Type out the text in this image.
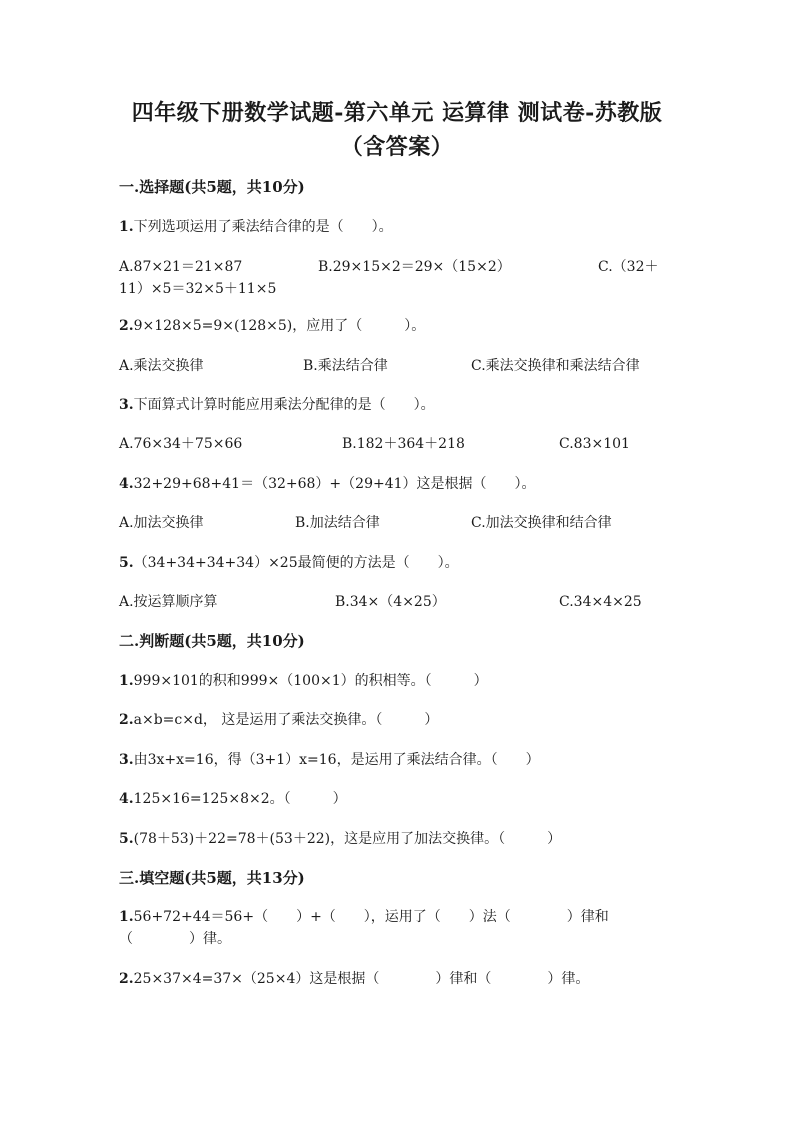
四年级下册数学试题-第六单元 运算律 测试卷-苏教版（含答案）
一.选择题(共5题，共10分)
1.下列选项运用了乘法结合律的是（　　）。
A.87×21＝21×87	B.29×15×2＝29×（15×2）	C.（32＋11）×5＝32×5＋11×5
2.9×128×5=9×(128×5)，应用了（　　　）。
A.乘法交换律	B.乘法结合律	C.乘法交换律和乘法结合律
3.下面算式计算时能应用乘法分配律的是（　　）。
A.76×34＋75×66	B.182＋364＋218	C.83×101
4.32+29+68+41＝（32+68）+（29+41）这是根据（　　）。
A.加法交换律	B.加法结合律	C.加法交换律和结合律
5.（34+34+34+34）×25最简便的方法是（　　）。
A.按运算顺序算	B.34×（4×25）	C.34×4×25
二.判断题(共5题，共10分)
1.999×101的积和999×（100×1）的积相等。（　　　）
2.a×b=c×d， 这是运用了乘法交换律。（　　　）
3.由3x+x=16，得（3+1）x=16，是运用了乘法结合律。（　　）
4.125×16=125×8×2。（　　　）
5.(78＋53)＋22=78＋(53＋22)，这是应用了加法交换律。（　　　）
三.填空题(共5题，共13分)
1.56+72+44＝56+（　　）+（　　），运用了（　　）法（　　　　）律和（　　　　）律。
2.25×37×4=37×（25×4）这是根据（　　　　）律和（　　　　）律。
